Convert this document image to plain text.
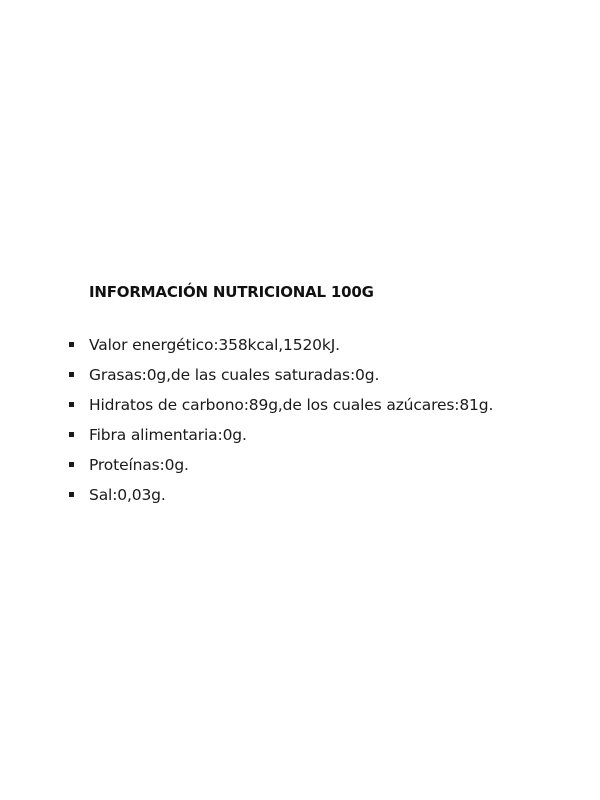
INFORMACIÓN NUTRICIONAL 100G
Valor energético:358kcal,1520kJ.
Grasas:0g,de las cuales saturadas:0g.
Hidratos de carbono:89g,de los cuales azúcares:81g.
Fibra alimentaria:0g.
Proteínas:0g.
Sal:0,03g.
